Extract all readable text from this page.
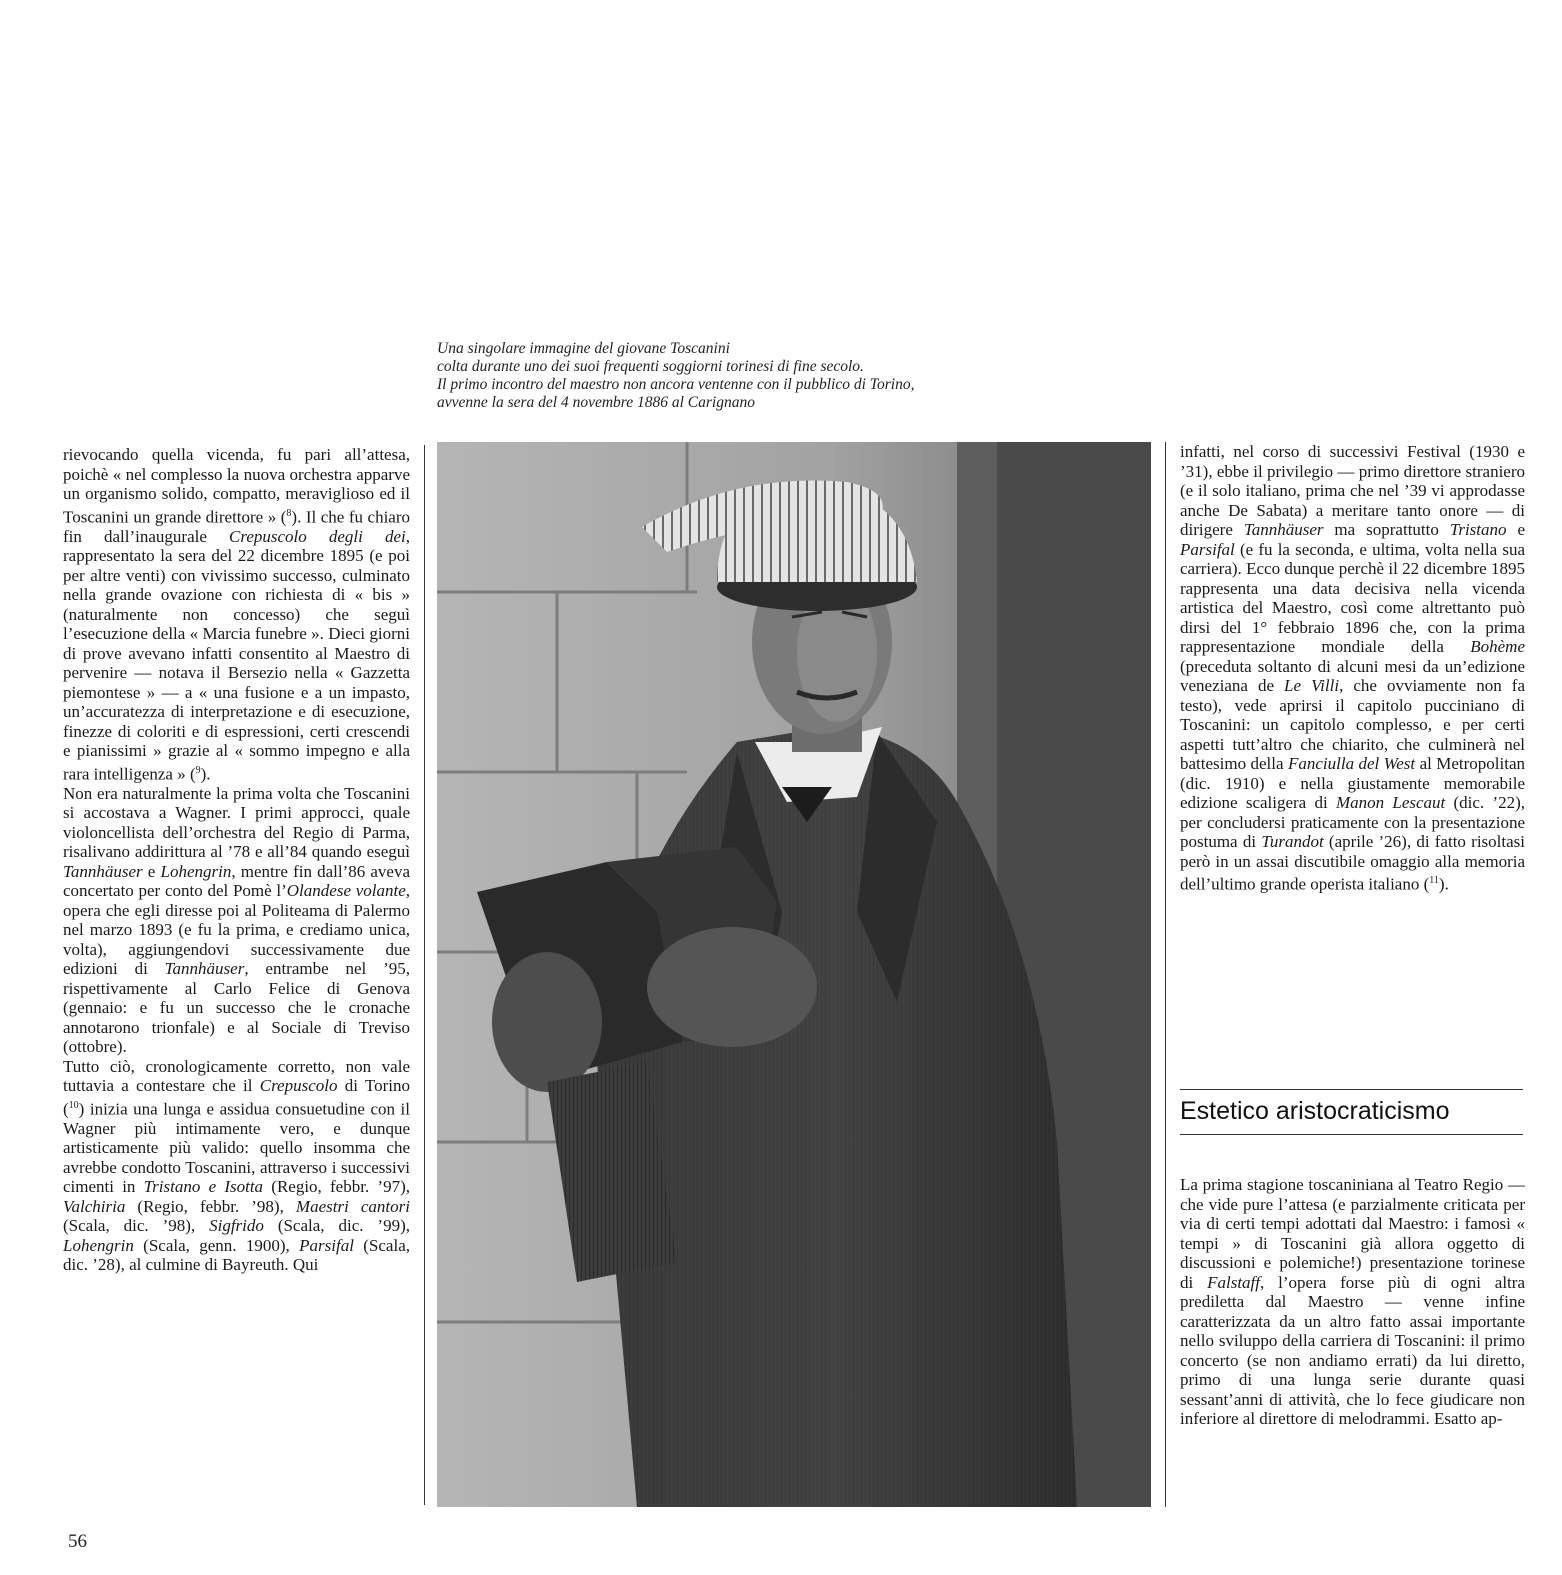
Una singolare immagine del giovane Toscanini
colta durante uno dei suoi frequenti soggiorni torinesi di fine secolo.
Il primo incontro del maestro non ancora ventenne con il pubblico di Torino,
avvenne la sera del 4 novembre 1886 al Carignano

rievocando quella vicenda, fu pari all’attesa, poichè « nel complesso la nuova orchestra apparve un organismo solido, compatto, meraviglioso ed il Toscanini un grande direttore » ($^8$). Il che fu chiaro fin dall’inaugurale Crepuscolo degli dei, rappresentato la sera del 22 dicembre 1895 (e poi per altre venti) con vivissimo successo, culminato nella grande ovazione con richiesta di « bis » (naturalmente non concesso) che seguì l’esecuzione della « Marcia funebre ». Dieci giorni di prove avevano infatti consentito al Maestro di pervenire — notava il Bersezio nella « Gazzetta piemontese » — a « una fusione e a un impasto, un’accuratezza di interpretazione e di esecuzione, finezze di coloriti e di espressioni, certi crescendi e pianissimi » grazie al « sommo impegno e alla rara intelligenza » ($^9$).

Non era naturalmente la prima volta che Toscanini si accostava a Wagner. I primi approcci, quale violoncellista dell’orchestra del Regio di Parma, risalivano addirittura al ’78 e all’84 quando eseguì Tannhäuser e Lohengrin, mentre fin dall’86 aveva concertato per conto del Pomè l’Olandese volante, opera che egli diresse poi al Politeama di Palermo nel marzo 1893 (e fu la prima, e crediamo unica, volta), aggiungendovi successivamente due edizioni di Tannhäuser, entrambe nel ’95, rispettivamente al Carlo Felice di Genova (gennaio: e fu un successo che le cronache annotarono trionfale) e al Sociale di Treviso (ottobre).

Tutto ciò, cronologicamente corretto, non vale tuttavia a contestare che il Crepuscolo di Torino ($^{10}$) inizia una lunga e assidua consuetudine con il Wagner più intimamente vero, e dunque artisticamente più valido: quello insomma che avrebbe condotto Toscanini, attraverso i successivi cimenti in Tristano e Isotta (Regio, febbr. ’97), Valchiria (Regio, febbr. ’98), Maestri cantori (Scala, dic. ’98), Sigfrido (Scala, dic. ’99), Lohengrin (Scala, genn. 1900), Parsifal (Scala, dic. ’28), al culmine di Bayreuth. Qui

infatti, nel corso di successivi Festival (1930 e ’31), ebbe il privilegio — primo direttore straniero (e il solo italiano, prima che nel ’39 vi approdasse anche De Sabata) a meritare tanto onore — di dirigere Tannhäuser ma soprattutto Tristano e Parsifal (e fu la seconda, e ultima, volta nella sua carriera). Ecco dunque perchè il 22 dicembre 1895 rappresenta una data decisiva nella vicenda artistica del Maestro, così come altrettanto può dirsi del 1° febbraio 1896 che, con la prima rappresentazione mondiale della Bohème (preceduta soltanto di alcuni mesi da un’edizione veneziana de Le Villi, che ovviamente non fa testo), vede aprirsi il capitolo pucciniano di Toscanini: un capitolo complesso, e per certi aspetti tutt’altro che chiarito, che culminerà nel battesimo della Fanciulla del West al Metropolitan (dic. 1910) e nella giustamente memorabile edizione scaligera di Manon Lescaut (dic. ’22), per concludersi praticamente con la presentazione postuma di Turandot (aprile ’26), di fatto risoltasi però in un assai discutibile omaggio alla memoria dell’ultimo grande operista italiano ($^{11}$).

Estetico aristocraticismo

La prima stagione toscaniniana al Teatro Regio — che vide pure l’attesa (e parzialmente criticata per via di certi tempi adottati dal Maestro: i famosi « tempi » di Toscanini già allora oggetto di discussioni e polemiche!) presentazione torinese di Falstaff, l’opera forse più di ogni altra prediletta dal Maestro — venne infine caratterizzata da un altro fatto assai importante nello sviluppo della carriera di Toscanini: il primo concerto (se non andiamo errati) da lui diretto, primo di una lunga serie durante quasi sessant’anni di attività, che lo fece giudicare non inferiore al direttore di melodrammi. Esatto ap-

56
